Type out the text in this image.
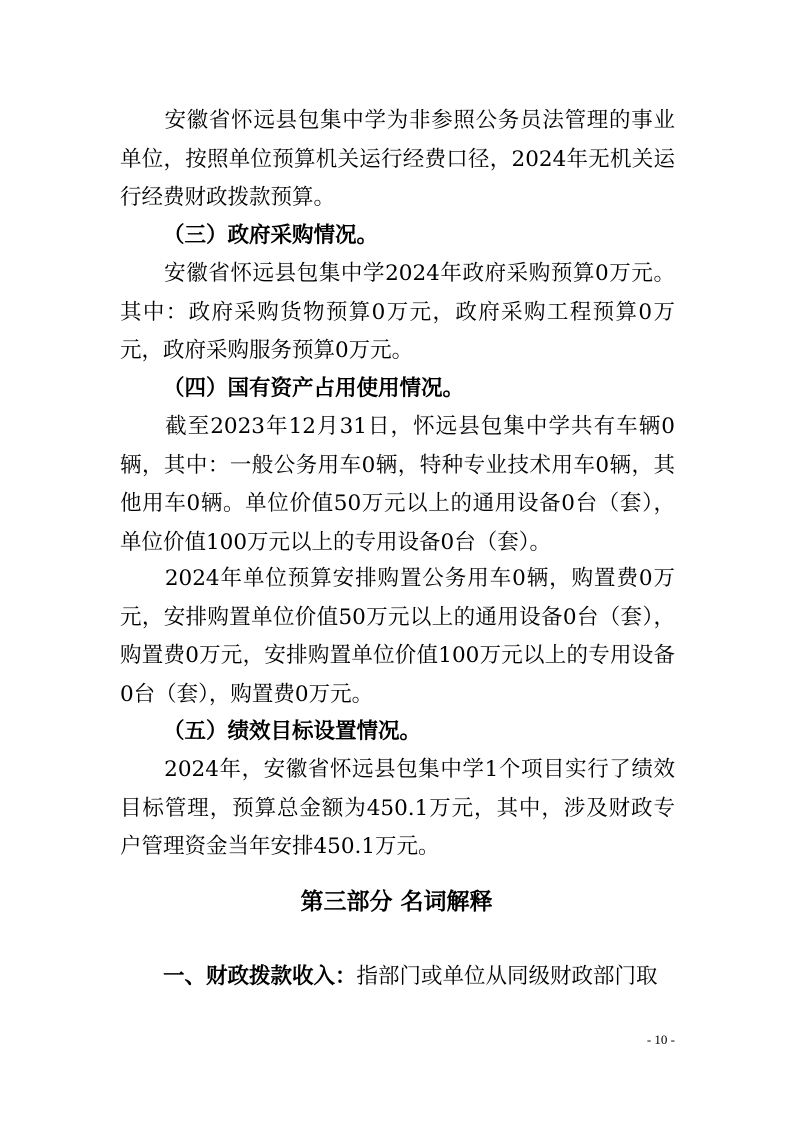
　　安徽省怀远县包集中学为非参照公务员法管理的事业单位，按照单位预算机关运行经费口径，2024年无机关运行经费财政拨款预算。

（三）政府采购情况。

　　安徽省怀远县包集中学2024年政府采购预算0万元。其中：政府采购货物预算0万元，政府采购工程预算0万元，政府采购服务预算0万元。

（四）国有资产占用使用情况。

　　截至2023年12月31日，怀远县包集中学共有车辆0辆，其中：一般公务用车0辆，特种专业技术用车0辆，其他用车0辆。单位价值50万元以上的通用设备0台（套），单位价值100万元以上的专用设备0台（套）。

　　2024年单位预算安排购置公务用车0辆，购置费0万元，安排购置单位价值50万元以上的通用设备0台（套），购置费0万元，安排购置单位价值100万元以上的专用设备0台（套），购置费0万元。

（五）绩效目标设置情况。

　　2024年，安徽省怀远县包集中学1个项目实行了绩效目标管理，预算总金额为450.1万元，其中，涉及财政专户管理资金当年安排450.1万元。

第三部分 名词解释

一、财政拨款收入：指部门或单位从同级财政部门取

- 10 -
